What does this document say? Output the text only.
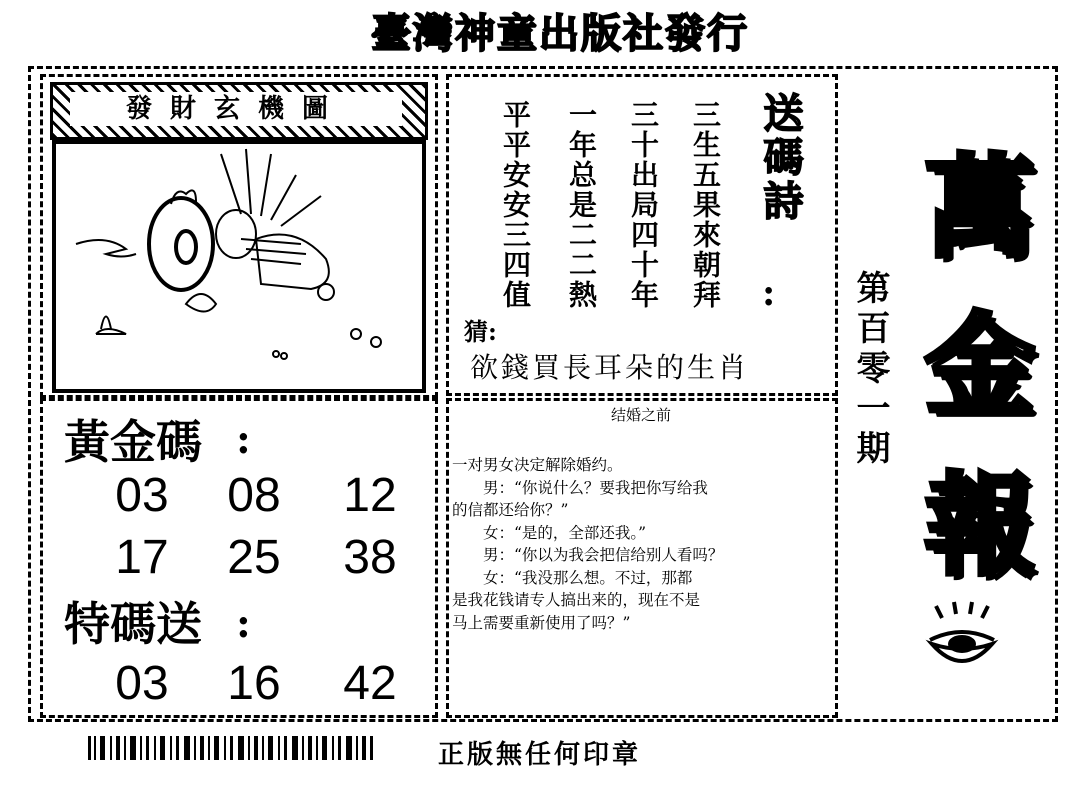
臺灣神童出版社發行
發財玄機圖	送碼詩
:
三生五果來朝拜
三十出局四十年
一年总是二二熱
平平安安三四值
猜:
欲錢買長耳朵的生肖
黃金碼 :
03	08	12
17	25	38
特碼送 :
03	16	42
结婚之前
一对男女决定解除婚约。
　　男：“你说什么？要我把你写给我
的信都还给你？”
　　女：“是的，全部还我。”
　　男：“你以为我会把信给别人看吗？
　　女：“我没那么想。不过，那都
是我花钱请专人搞出来的，现在不是
马上需要重新使用了吗？”
萬
金
報
第百零一期
正版無任何印章
